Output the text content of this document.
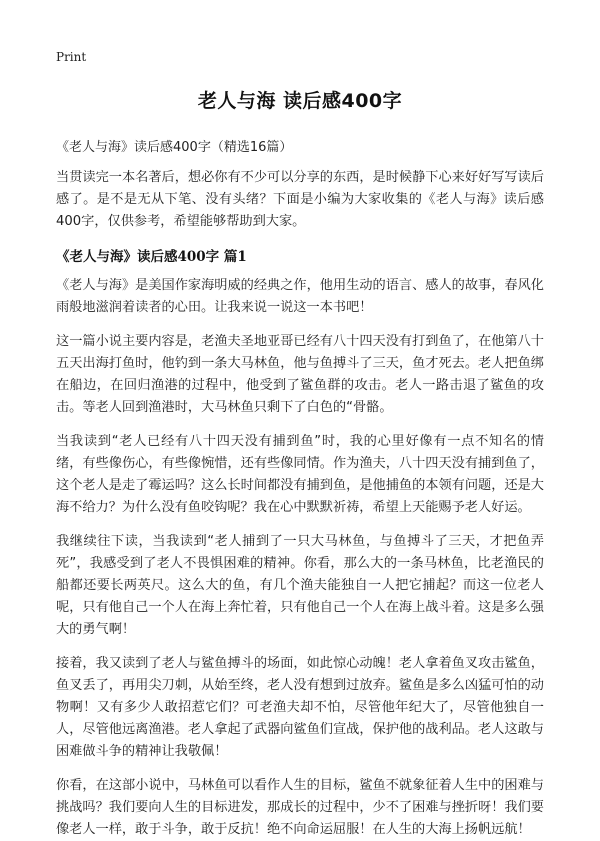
Print
老人与海 读后感400字

《老人与海》读后感400字（精选16篇）

当贯读完一本名著后，想必你有不少可以分享的东西，是时候静下心来好好写写读后感了。是不是无从下笔、没有头绪？下面是小编为大家收集的《老人与海》读后感400字，仅供参考，希望能够帮助到大家。

《老人与海》读后感400字 篇1

《老人与海》是美国作家海明威的经典之作，他用生动的语言、感人的故事，春风化雨般地滋润着读者的心田。让我来说一说这一本书吧！

这一篇小说主要内容是，老渔夫圣地亚哥已经有八十四天没有打到鱼了，在他第八十五天出海打鱼时，他钓到一条大马林鱼，他与鱼搏斗了三天，鱼才死去。老人把鱼绑在船边，在回归渔港的过程中，他受到了鲨鱼群的攻击。老人一路击退了鲨鱼的攻击。等老人回到渔港时，大马林鱼只剩下了白色的“骨骼。

当我读到“老人已经有八十四天没有捕到鱼”时，我的心里好像有一点不知名的情绪，有些像伤心，有些像惋惜，还有些像同情。作为渔夫，八十四天没有捕到鱼了，这个老人是走了霉运吗？这么长时间都没有捕到鱼，是他捕鱼的本领有问题，还是大海不给力？为什么没有鱼咬钩呢？我在心中默默祈祷，希望上天能赐予老人好运。

我继续往下读，当我读到“老人捕到了一只大马林鱼，与鱼搏斗了三天，才把鱼弄死”，我感受到了老人不畏惧困难的精神。你看，那么大的一条马林鱼，比老渔民的船都还要长两英尺。这么大的鱼，有几个渔夫能独自一人把它捕起？而这一位老人呢，只有他自己一个人在海上奔忙着，只有他自己一个人在海上战斗着。这是多么强大的勇气啊！

接着，我又读到了老人与鲨鱼搏斗的场面，如此惊心动魄！老人拿着鱼叉攻击鲨鱼，鱼叉丢了，再用尖刀刺，从始至终，老人没有想到过放弃。鲨鱼是多么凶猛可怕的动物啊！又有多少人敢招惹它们？可老渔夫却不怕，尽管他年纪大了，尽管他独自一人，尽管他远离渔港。老人拿起了武器向鲨鱼们宣战，保护他的战利品。老人这敢与困难做斗争的精神让我敬佩！

你看，在这部小说中，马林鱼可以看作人生的目标，鲨鱼不就象征着人生中的困难与挑战吗？我们要向人生的目标进发，那成长的过程中，少不了困难与挫折呀！我们要像老人一样，敢于斗争，敢于反抗！绝不向命运屈服！在人生的大海上扬帆远航！
